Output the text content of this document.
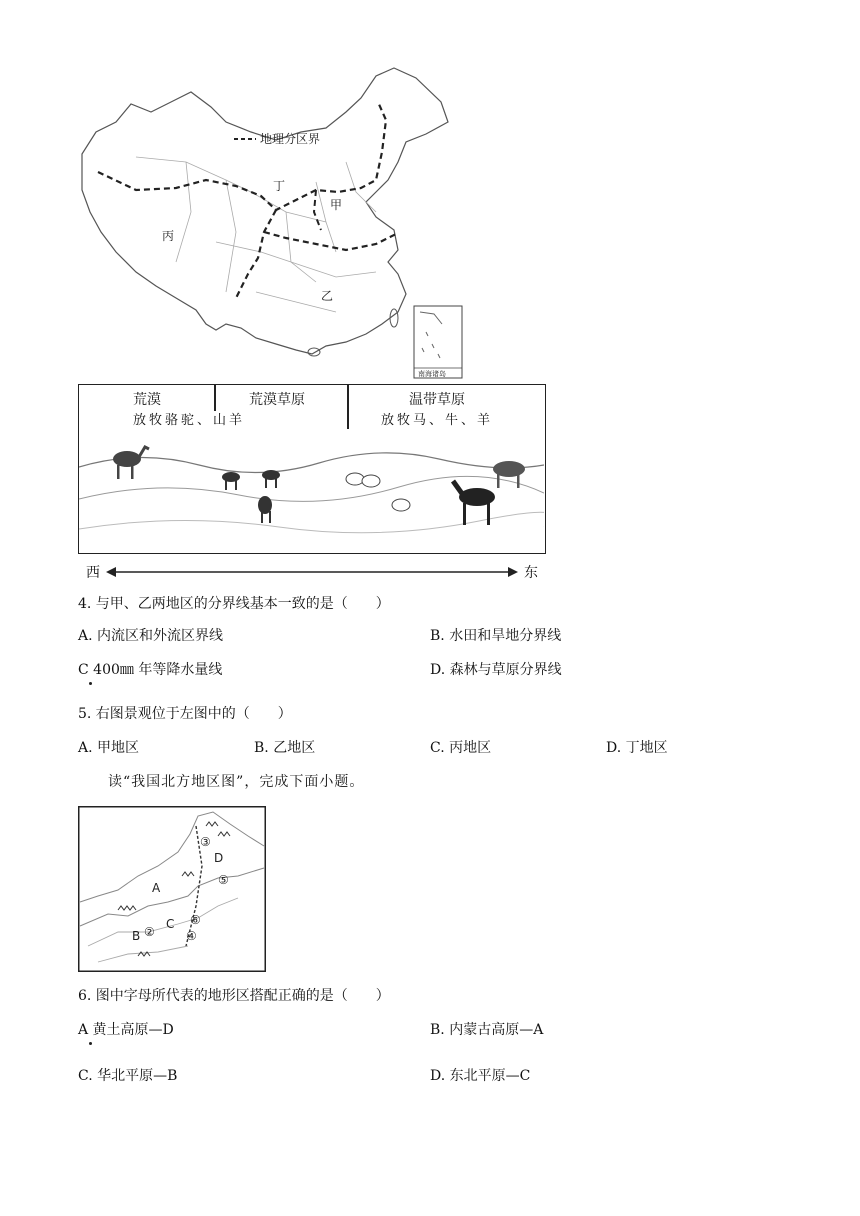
地理分区界
丁
甲
丙
乙
南海诸岛
荒漠	荒漠草原	温带草原
放牧骆驼、山羊	放牧马、牛、羊
西	东
4. 与甲、乙两地区的分界线基本一致的是（　　）
A. 内流区和外流区界线	B. 水田和旱地分界线
C 400㎜ 年等降水量线	D. 森林与草原分界线
5. 右图景观位于左图中的（　　）
A. 甲地区	B. 乙地区	C. 丙地区	D. 丁地区
读“我国北方地区图”，完成下面小题。
A
B
C
D
②
③
④
⑤
⑥
6. 图中字母所代表的地形区搭配正确的是（　　）
A 黄土高原—D	B. 内蒙古高原—A
C. 华北平原—B	D. 东北平原—C
